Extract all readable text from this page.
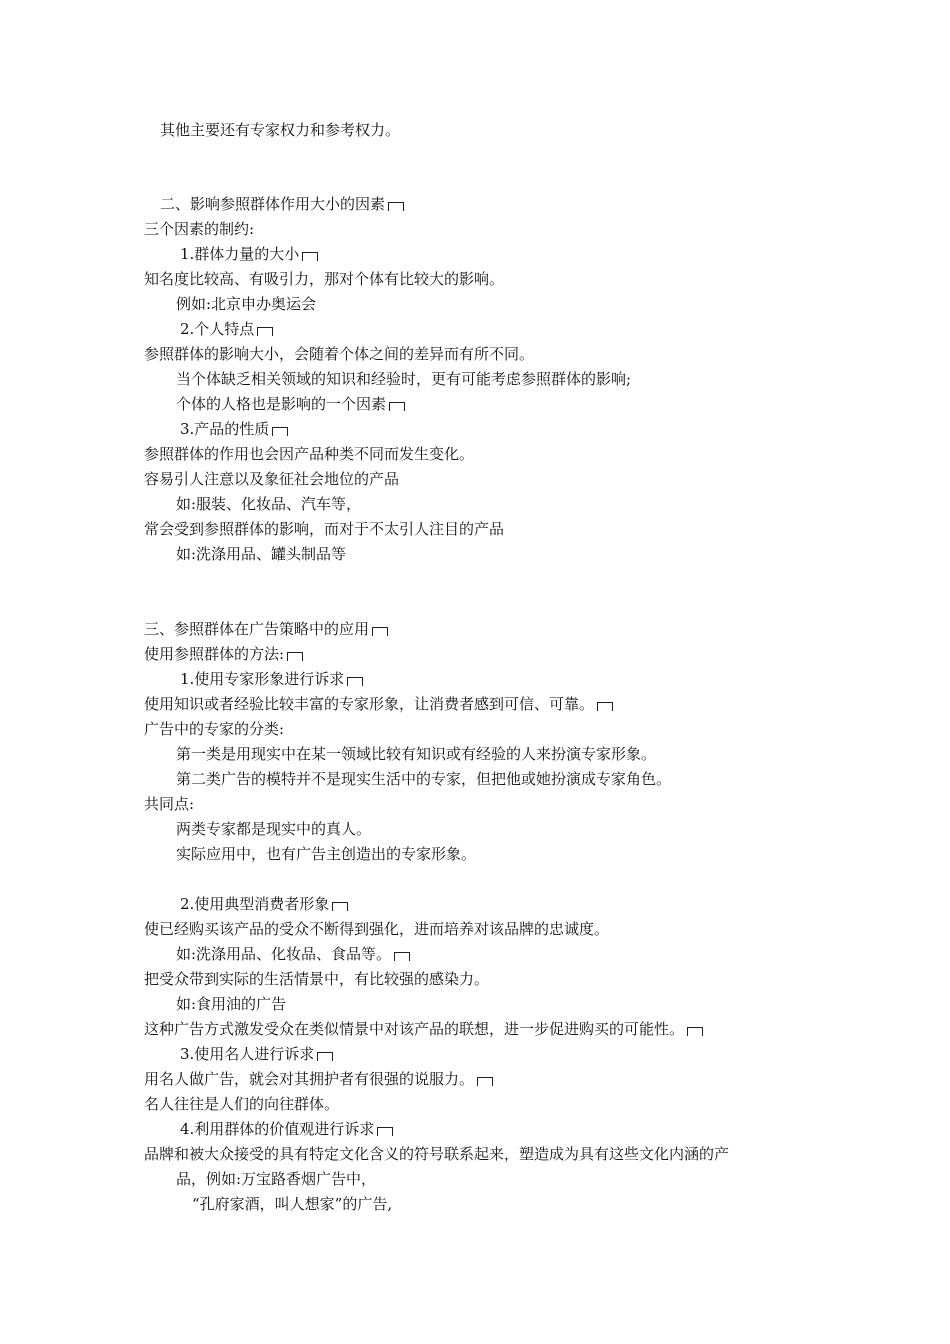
其他主要还有专家权力和参考权力。
二、影响参照群体作用大小的因素
三个因素的制约:
1.群体力量的大小
知名度比较高、有吸引力，那对个体有比较大的影响。
例如:北京申办奥运会
2.个人特点
参照群体的影响大小，会随着个体之间的差异而有所不同。
当个体缺乏相关领域的知识和经验时，更有可能考虑参照群体的影响;
个体的人格也是影响的一个因素
3.产品的性质
参照群体的作用也会因产品种类不同而发生变化。
容易引人注意以及象征社会地位的产品
如:服装、化妆品、汽车等，
常会受到参照群体的影响，而对于不太引人注目的产品
如:洗涤用品、罐头制品等
三、参照群体在广告策略中的应用
使用参照群体的方法:
1.使用专家形象进行诉求
使用知识或者经验比较丰富的专家形象，让消费者感到可信、可靠。
广告中的专家的分类:
第一类是用现实中在某一领域比较有知识或有经验的人来扮演专家形象。
第二类广告的模特并不是现实生活中的专家，但把他或她扮演成专家角色。
共同点:
两类专家都是现实中的真人。
实际应用中，也有广告主创造出的专家形象。
2.使用典型消费者形象
使已经购买该产品的受众不断得到强化，进而培养对该品牌的忠诚度。
如:洗涤用品、化妆品、食品等。
把受众带到实际的生活情景中，有比较强的感染力。
如:食用油的广告
这种广告方式激发受众在类似情景中对该产品的联想，进一步促进购买的可能性。
3.使用名人进行诉求
用名人做广告，就会对其拥护者有很强的说服力。
名人往往是人们的向往群体。
4.利用群体的价值观进行诉求
品牌和被大众接受的具有特定文化含义的符号联系起来，塑造成为具有这些文化内涵的产
品，例如:万宝路香烟广告中，
“孔府家酒，叫人想家”的广告,
